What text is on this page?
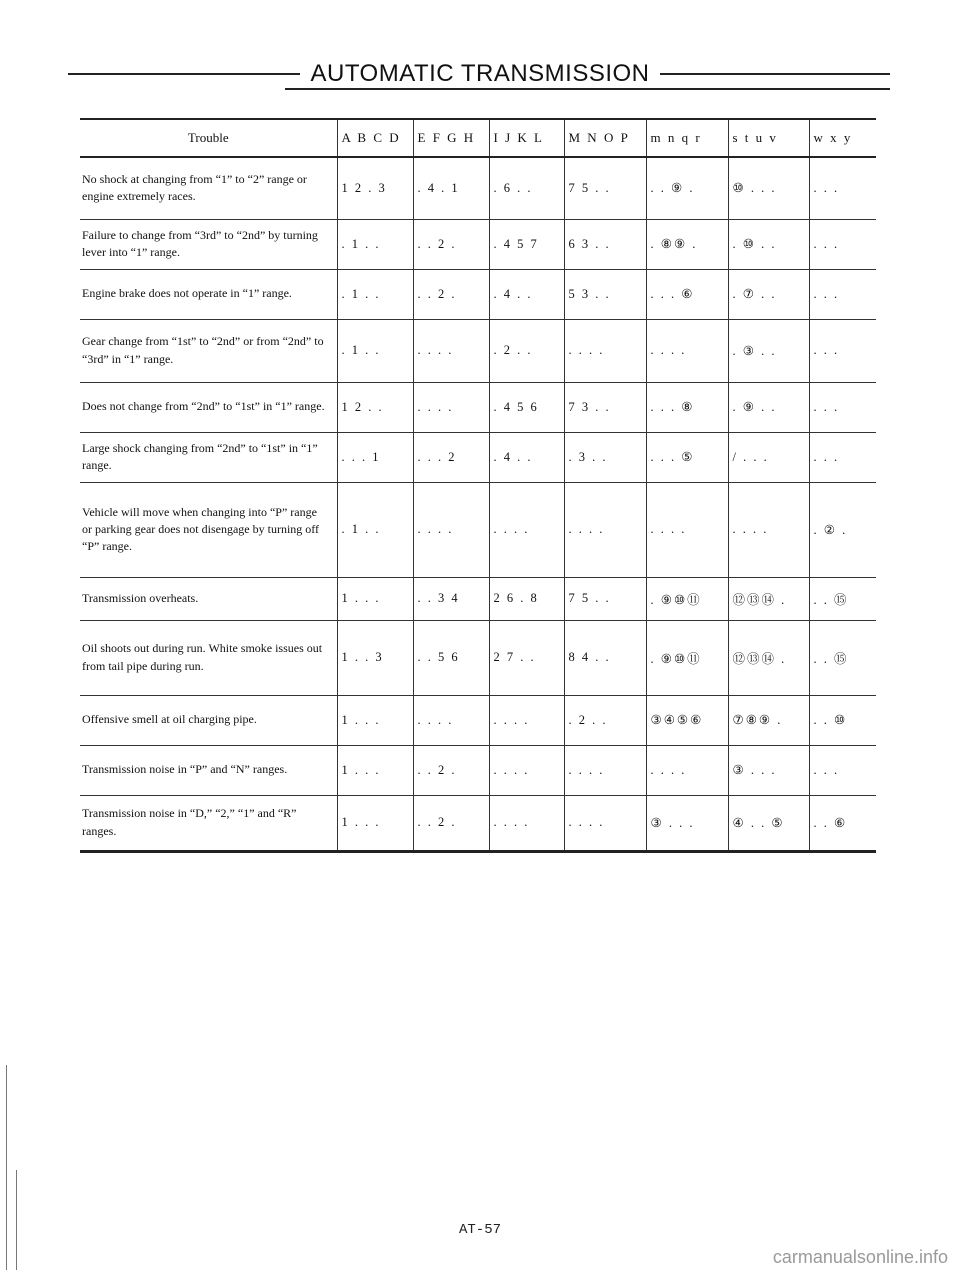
AUTOMATIC TRANSMISSION
Trouble	A B C D	E F G H	I J K L	M N O P	m n q r	s t u v	w x y
No shock at changing from “1” to “2” range or engine extremely races.	1 2 . 3	. 4 . 1	. 6 . .	7 5 . .	. . ⑨ .	⑩ . . .	. . .
Failure to change from “3rd” to “2nd” by turning lever into “1” range.	. 1 . .	. . 2 .	. 4 5 7	6 3 . .	. ⑧⑨ .	. ⑩ . .	. . .
Engine brake does not operate in “1” range.	. 1 . .	. . 2 .	. 4 . .	5 3 . .	. . . ⑥	. ⑦ . .	. . .
Gear change from “1st” to “2nd” or from “2nd” to “3rd” in “1” range.	. 1 . .	. . . .	. 2 . .	. . . .	. . . .	. ③ . .	. . .
Does not change from “2nd” to “1st” in “1” range.	1 2 . .	. . . .	. 4 5 6	7 3 . .	. . . ⑧	. ⑨ . .	. . .
Large shock changing from “2nd” to “1st” in “1” range.	. . . 1	. . . 2	. 4 . .	. 3 . .	. . . ⑤	/ . . .	. . .
Vehicle will move when changing into “P” range or parking gear does not disengage by turning off “P” range.	. 1 . .	. . . .	. . . .	. . . .	. . . .	. . . .	. ② .
Transmission overheats.	1 . . .	. . 3 4	2 6 . 8	7 5 . .	. ⑨⑩⑪	⑫⑬⑭ .	. . ⑮
Oil shoots out during run. White smoke issues out from tail pipe during run.	1 . . 3	. . 5 6	2 7 . .	8 4 . .	. ⑨⑩⑪	⑫⑬⑭ .	. . ⑮
Offensive smell at oil charging pipe.	1 . . .	. . . .	. . . .	. 2 . .	③④⑤⑥	⑦⑧⑨ .	. . ⑩
Transmission noise in “P” and “N” ranges.	1 . . .	. . 2 .	. . . .	. . . .	. . . .	③ . . .	. . .
Transmission noise in “D,” “2,” “1” and “R” ranges.	1 . . .	. . 2 .	. . . .	. . . .	③ . . .	④ . . ⑤	. . ⑥
AT-57
carmanualsonline.info
